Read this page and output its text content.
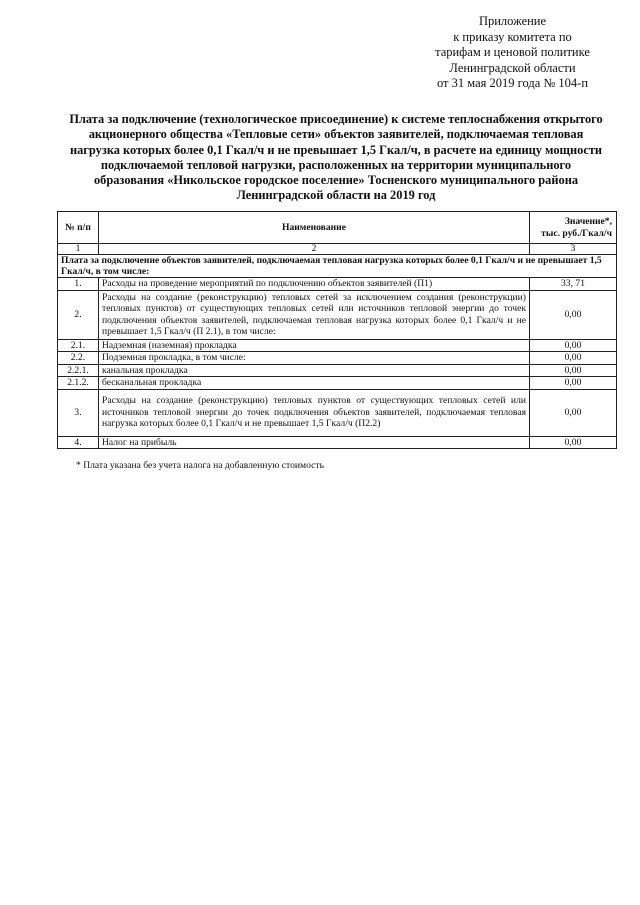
Приложение
к приказу комитета по
тарифам и ценовой политике
Ленинградской области
от 31 мая 2019 года № 104-п
Плата за подключение (технологическое присоединение) к системе теплоснабжения открытого
акционерного общества «Тепловые сети» объектов заявителей, подключаемая тепловая
нагрузка которых более 0,1 Гкал/ч и не превышает 1,5 Гкал/ч, в расчете на единицу мощности
подключаемой тепловой нагрузки, расположенных на территории муниципального
образования «Никольское городское поселение» Тосненского муниципального района
Ленинградской области на 2019 год
№ п/п	Наименование	Значение*,
тыс. руб./Гкал/ч
1	2	3
Плата за подключение объектов заявителей, подключаемая тепловая нагрузка которых более 0,1 Гкал/ч и не превышает 1,5 Гкал/ч, в том числе:		
1.	Расходы на проведение мероприятий по подключению объектов заявителей (П1)	33, 71
2.	Расходы на создание (реконструкцию) тепловых сетей за исключением создания (реконструкции) тепловых пунктов) от существующих тепловых сетей или источников тепловой энергии до точек подключения объектов заявителей, подключаемая тепловая нагрузка которых более 0,1 Гкал/ч и не превышает 1,5 Гкал/ч (П 2.1), в том числе:	0,00
2.1.	Надземная (наземная) прокладка	0,00
2.2.	Подземная прокладка, в том числе:	0,00
2.2.1.	канальная прокладка	0,00
2.1.2.	бесканальная прокладка	0,00
3.	Расходы на создание (реконструкцию) тепловых пунктов от существующих тепловых сетей или источников тепловой энергии до точек подключения объектов заявителей, подключаемая тепловая нагрузка которых более 0,1 Гкал/ч и не превышает 1,5 Гкал/ч (П2.2)	0,00
4.	Налог на прибыль	0,00
* Плата указана без учета налога на добавленную стоимость
